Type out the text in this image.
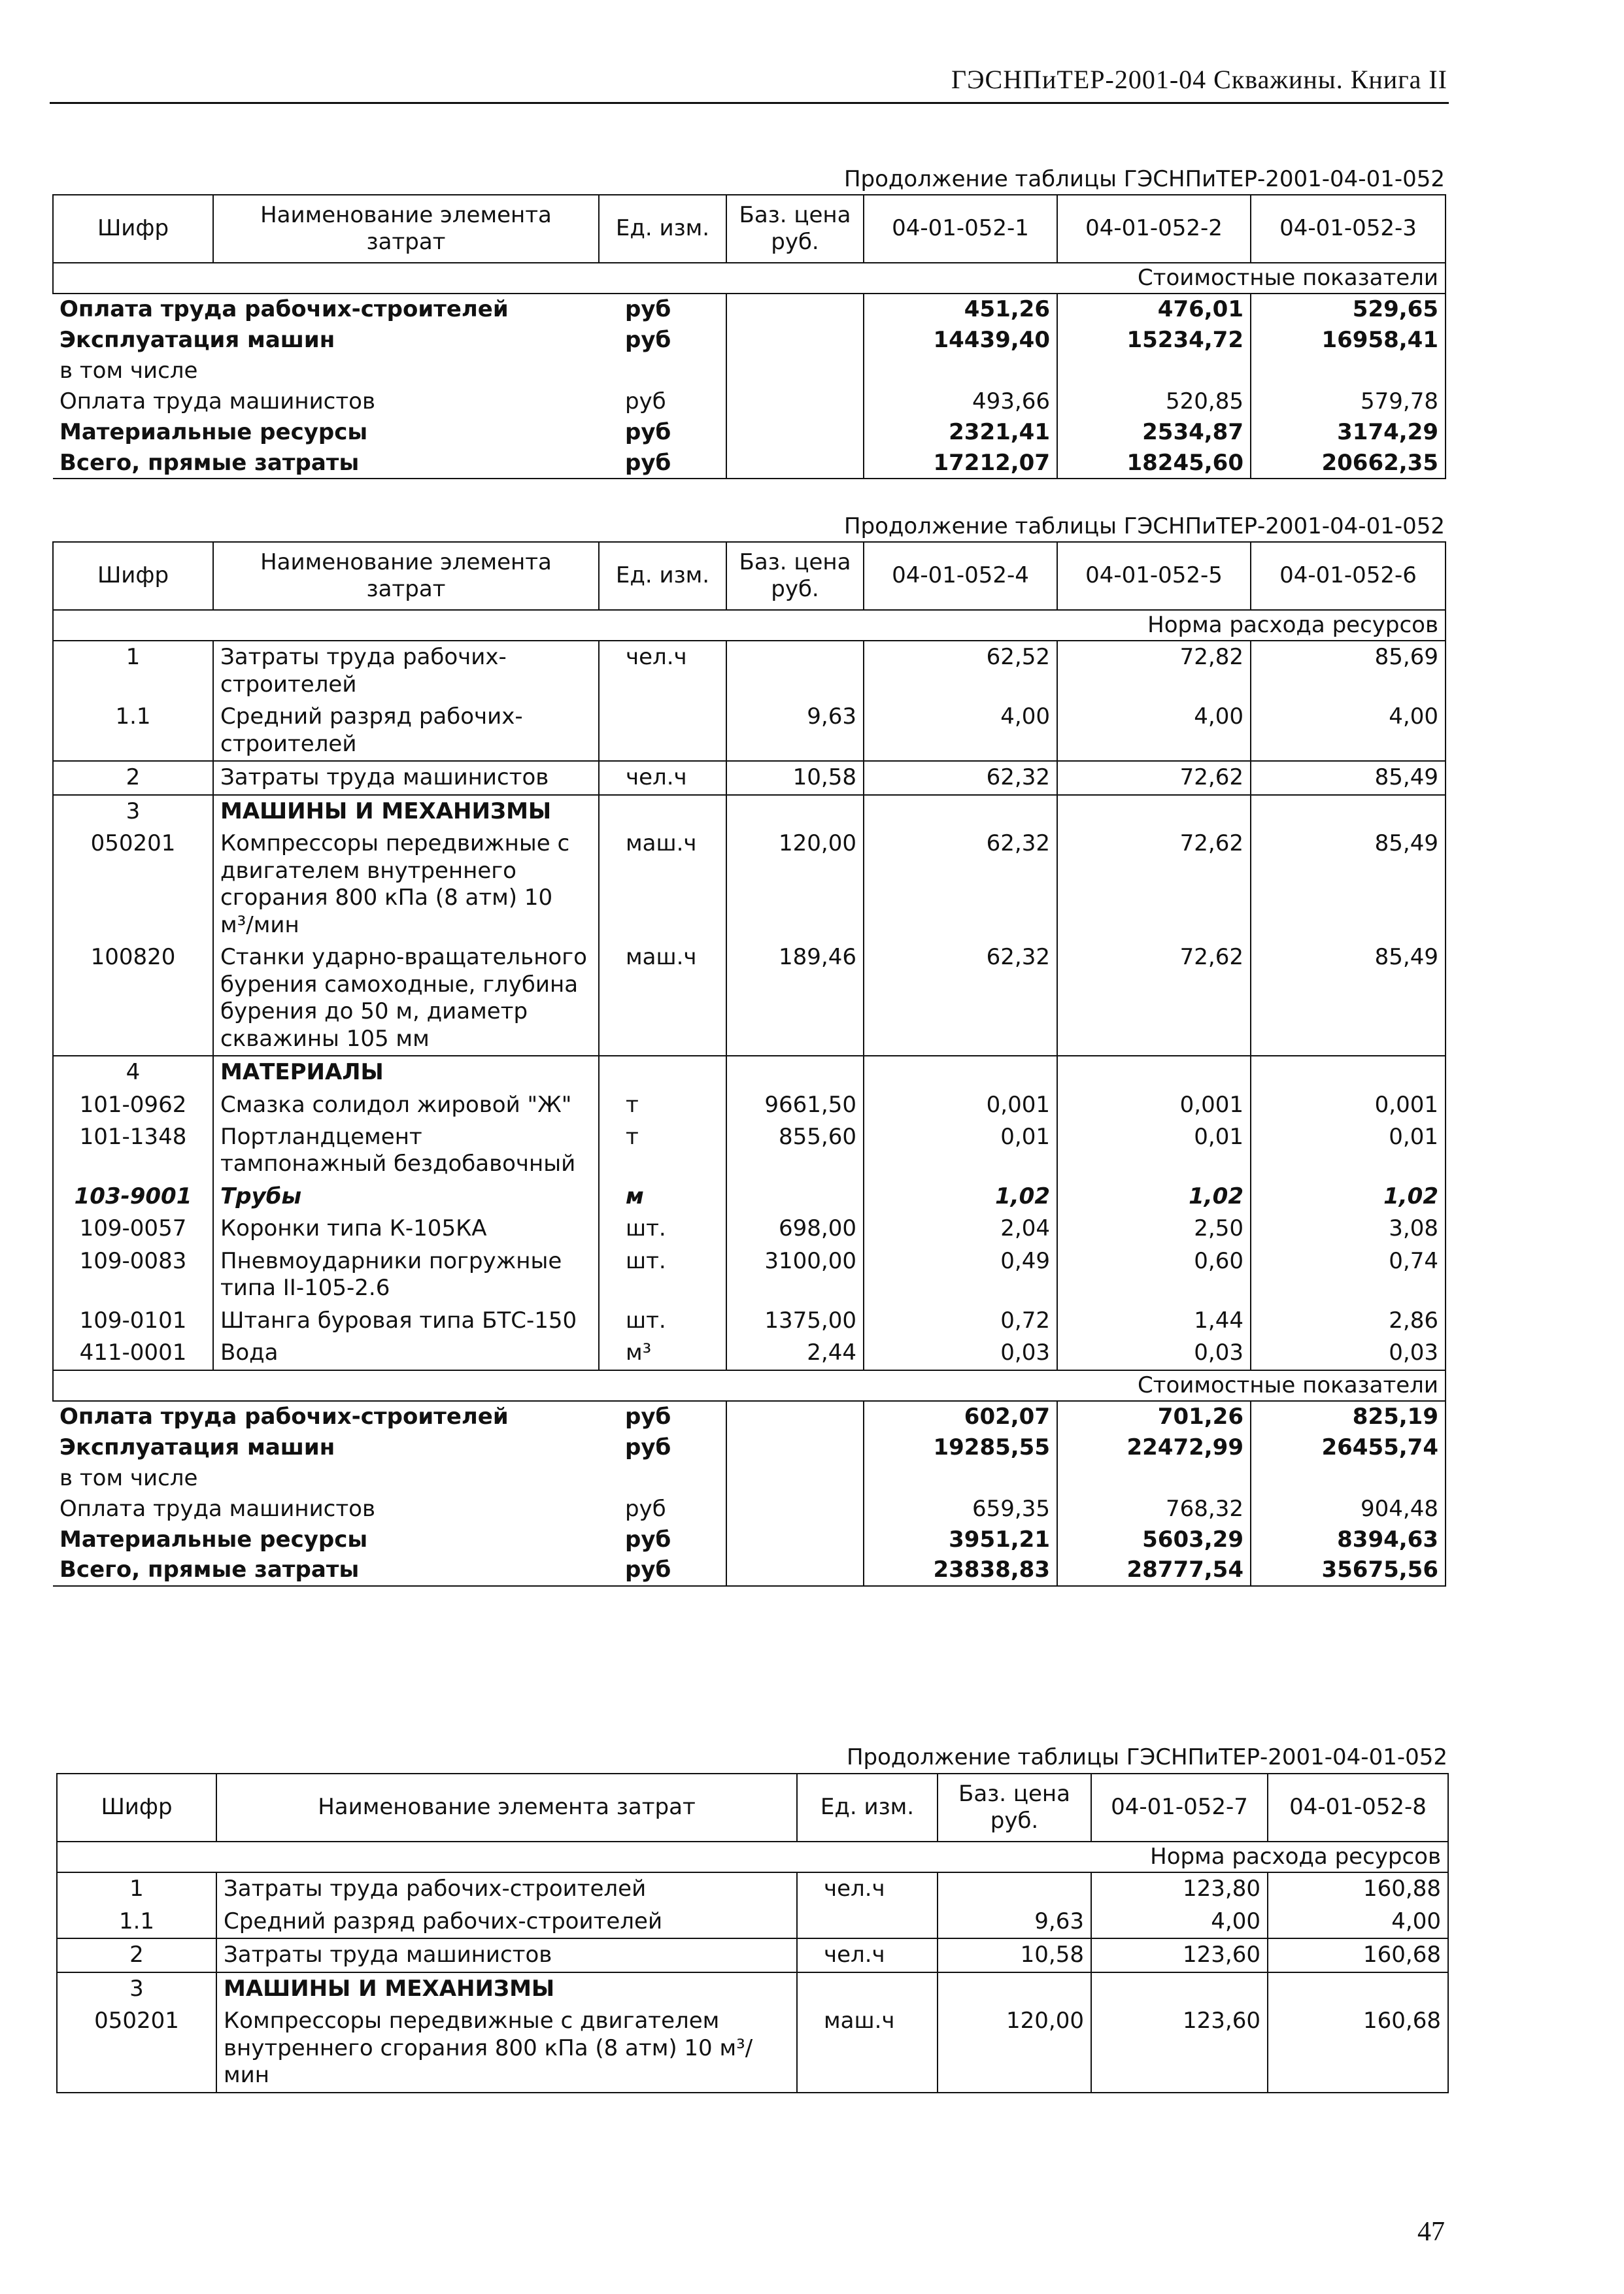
ГЭСНПиТЕР-2001-04 Скважины. Книга II
Продолжение таблицы ГЭСНПиТЕР-2001-04-01-052
Шифр	Наименование элемента затрат	Ед. изм.	Баз. цена руб.	04-01-052-1	04-01-052-2	04-01-052-3
Стоимостные показатели						
Оплата труда рабочих-строителей		руб		451,26	476,01	529,65
Эксплуатация машин		руб		14439,40	15234,72	16958,41
в том числе						
Оплата труда машинистов		руб		493,66	520,85	579,78
Материальные ресурсы		руб		2321,41	2534,87	3174,29
Всего, прямые затраты		руб		17212,07	18245,60	20662,35
Продолжение таблицы ГЭСНПиТЕР-2001-04-01-052
Шифр	Наименование элемента затрат	Ед. изм.	Баз. цена руб.	04-01-052-4	04-01-052-5	04-01-052-6
Норма расхода ресурсов						
1	Затраты труда рабочих-строителей	чел.ч		62,52	72,82	85,69
1.1	Средний разряд рабочих-строителей		9,63	4,00	4,00	4,00
2	Затраты труда машинистов	чел.ч	10,58	62,32	72,62	85,49
3	МАШИНЫ И МЕХАНИЗМЫ					
050201	Компрессоры передвижные с двигателем внутреннего сгорания 800 кПа (8 атм) 10 м³/мин	маш.ч	120,00	62,32	72,62	85,49
100820	Станки ударно-вращательного бурения самоходные, глубина бурения до 50 м, диаметр скважины 105 мм	маш.ч	189,46	62,32	72,62	85,49
4	МАТЕРИАЛЫ					
101-0962	Смазка солидол жировой "Ж"	т	9661,50	0,001	0,001	0,001
101-1348	Портландцемент тампонажный бездобавочный	т	855,60	0,01	0,01	0,01
103-9001	Трубы	м		1,02	1,02	1,02
109-0057	Коронки типа К-105КА	шт.	698,00	2,04	2,50	3,08
109-0083	Пневмоударники погружные типа II-105-2.6	шт.	3100,00	0,49	0,60	0,74
109-0101	Штанга буровая типа БТС-150	шт.	1375,00	0,72	1,44	2,86
411-0001	Вода	м³	2,44	0,03	0,03	0,03
Стоимостные показатели						
Оплата труда рабочих-строителей		руб		602,07	701,26	825,19
Эксплуатация машин		руб		19285,55	22472,99	26455,74
в том числе						
Оплата труда машинистов		руб		659,35	768,32	904,48
Материальные ресурсы		руб		3951,21	5603,29	8394,63
Всего, прямые затраты		руб		23838,83	28777,54	35675,56
Продолжение таблицы ГЭСНПиТЕР-2001-04-01-052
Шифр	Наименование элемента затрат	Ед. изм.	Баз. цена руб.	04-01-052-7	04-01-052-8
Норма расхода ресурсов					
1	Затраты труда рабочих-строителей	чел.ч		123,80	160,88
1.1	Средний разряд рабочих-строителей		9,63	4,00	4,00
2	Затраты труда машинистов	чел.ч	10,58	123,60	160,68
3	МАШИНЫ И МЕХАНИЗМЫ				
050201	Компрессоры передвижные с двигателем внутреннего сгорания 800 кПа (8 атм) 10 м³/мин	маш.ч	120,00	123,60	160,68
47
